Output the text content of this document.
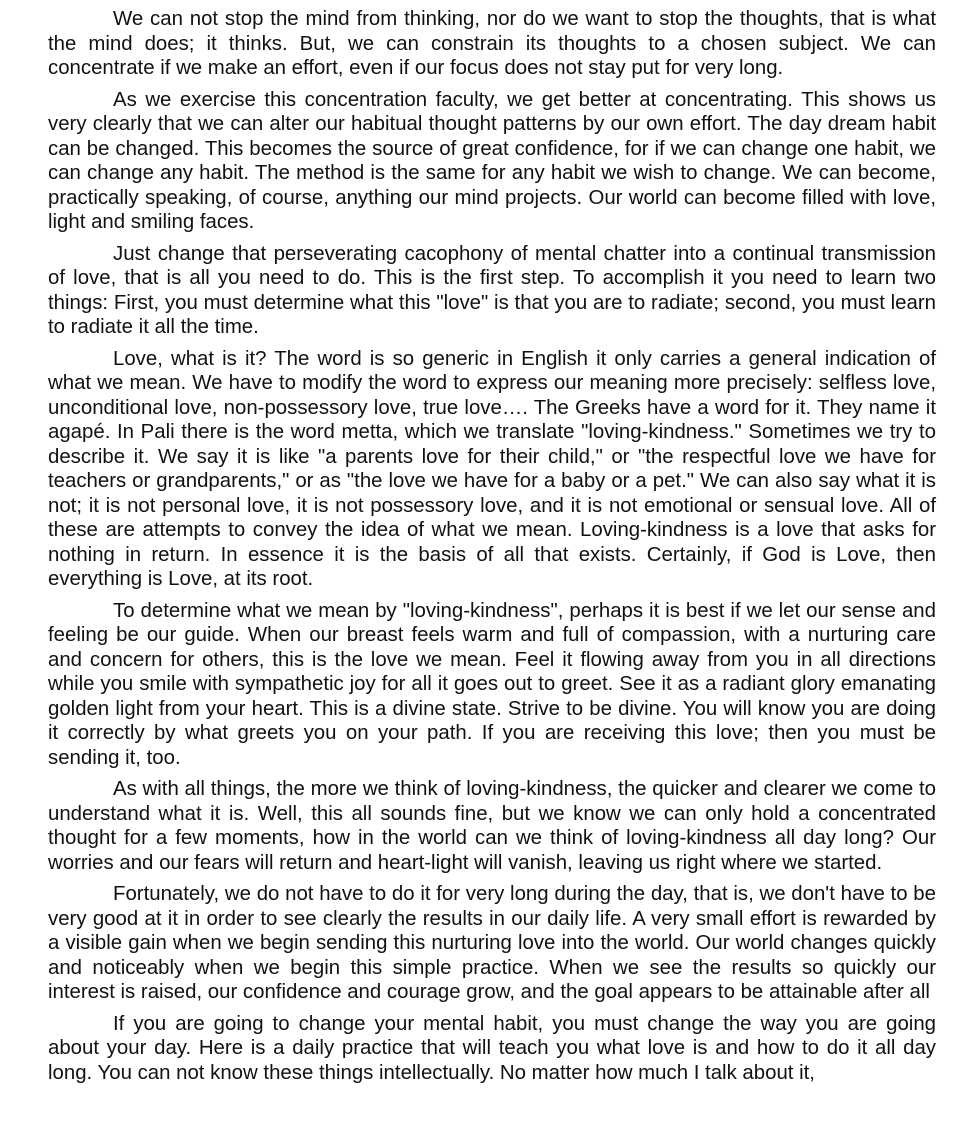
We can not stop the mind from thinking, nor do we want to stop the thoughts, that is what the mind does; it thinks. But, we can constrain its thoughts to a chosen subject. We can concentrate if we make an effort, even if our focus does not stay put for very long.

As we exercise this concentration faculty, we get better at concentrating. This shows us very clearly that we can alter our habitual thought patterns by our own effort. The day dream habit can be changed. This becomes the source of great confidence, for if we can change one habit, we can change any habit. The method is the same for any habit we wish to change. We can become, practically speaking, of course, anything our mind projects. Our world can become filled with love, light and smiling faces.

Just change that perseverating cacophony of mental chatter into a continual transmission of love, that is all you need to do. This is the first step. To accomplish it you need to learn two things: First, you must determine what this "love" is that you are to radiate; second, you must learn to radiate it all the time.

Love, what is it? The word is so generic in English it only carries a general indication of what we mean. We have to modify the word to express our meaning more precisely: selfless love, unconditional love, non-possessory love, true love…. The Greeks have a word for it. They name it agapé. In Pali there is the word metta, which we translate "loving-kindness." Sometimes we try to describe it. We say it is like "a parents love for their child," or "the respectful love we have for teachers or grandparents," or as "the love we have for a baby or a pet." We can also say what it is not; it is not personal love, it is not possessory love, and it is not emotional or sensual love. All of these are attempts to convey the idea of what we mean. Loving-kindness is a love that asks for nothing in return. In essence it is the basis of all that exists. Certainly, if God is Love, then everything is Love, at its root.

To determine what we mean by "loving-kindness", perhaps it is best if we let our sense and feeling be our guide. When our breast feels warm and full of compassion, with a nurturing care and concern for others, this is the love we mean. Feel it flowing away from you in all directions while you smile with sympathetic joy for all it goes out to greet. See it as a radiant glory emanating golden light from your heart. This is a divine state. Strive to be divine. You will know you are doing it correctly by what greets you on your path. If you are receiving this love; then you must be sending it, too.

As with all things, the more we think of loving-kindness, the quicker and clearer we come to understand what it is. Well, this all sounds fine, but we know we can only hold a concentrated thought for a few moments, how in the world can we think of loving-kindness all day long? Our worries and our fears will return and heart-light will vanish, leaving us right where we started.

Fortunately, we do not have to do it for very long during the day, that is, we don't have to be very good at it in order to see clearly the results in our daily life. A very small effort is rewarded by a visible gain when we begin sending this nurturing love into the world. Our world changes quickly and noticeably when we begin this simple practice. When we see the results so quickly our interest is raised, our confidence and courage grow, and the goal appears to be attainable after all

If you are going to change your mental habit, you must change the way you are going about your day. Here is a daily practice that will teach you what love is and how to do it all day long. You can not know these things intellectually. No matter how much I talk about it,
